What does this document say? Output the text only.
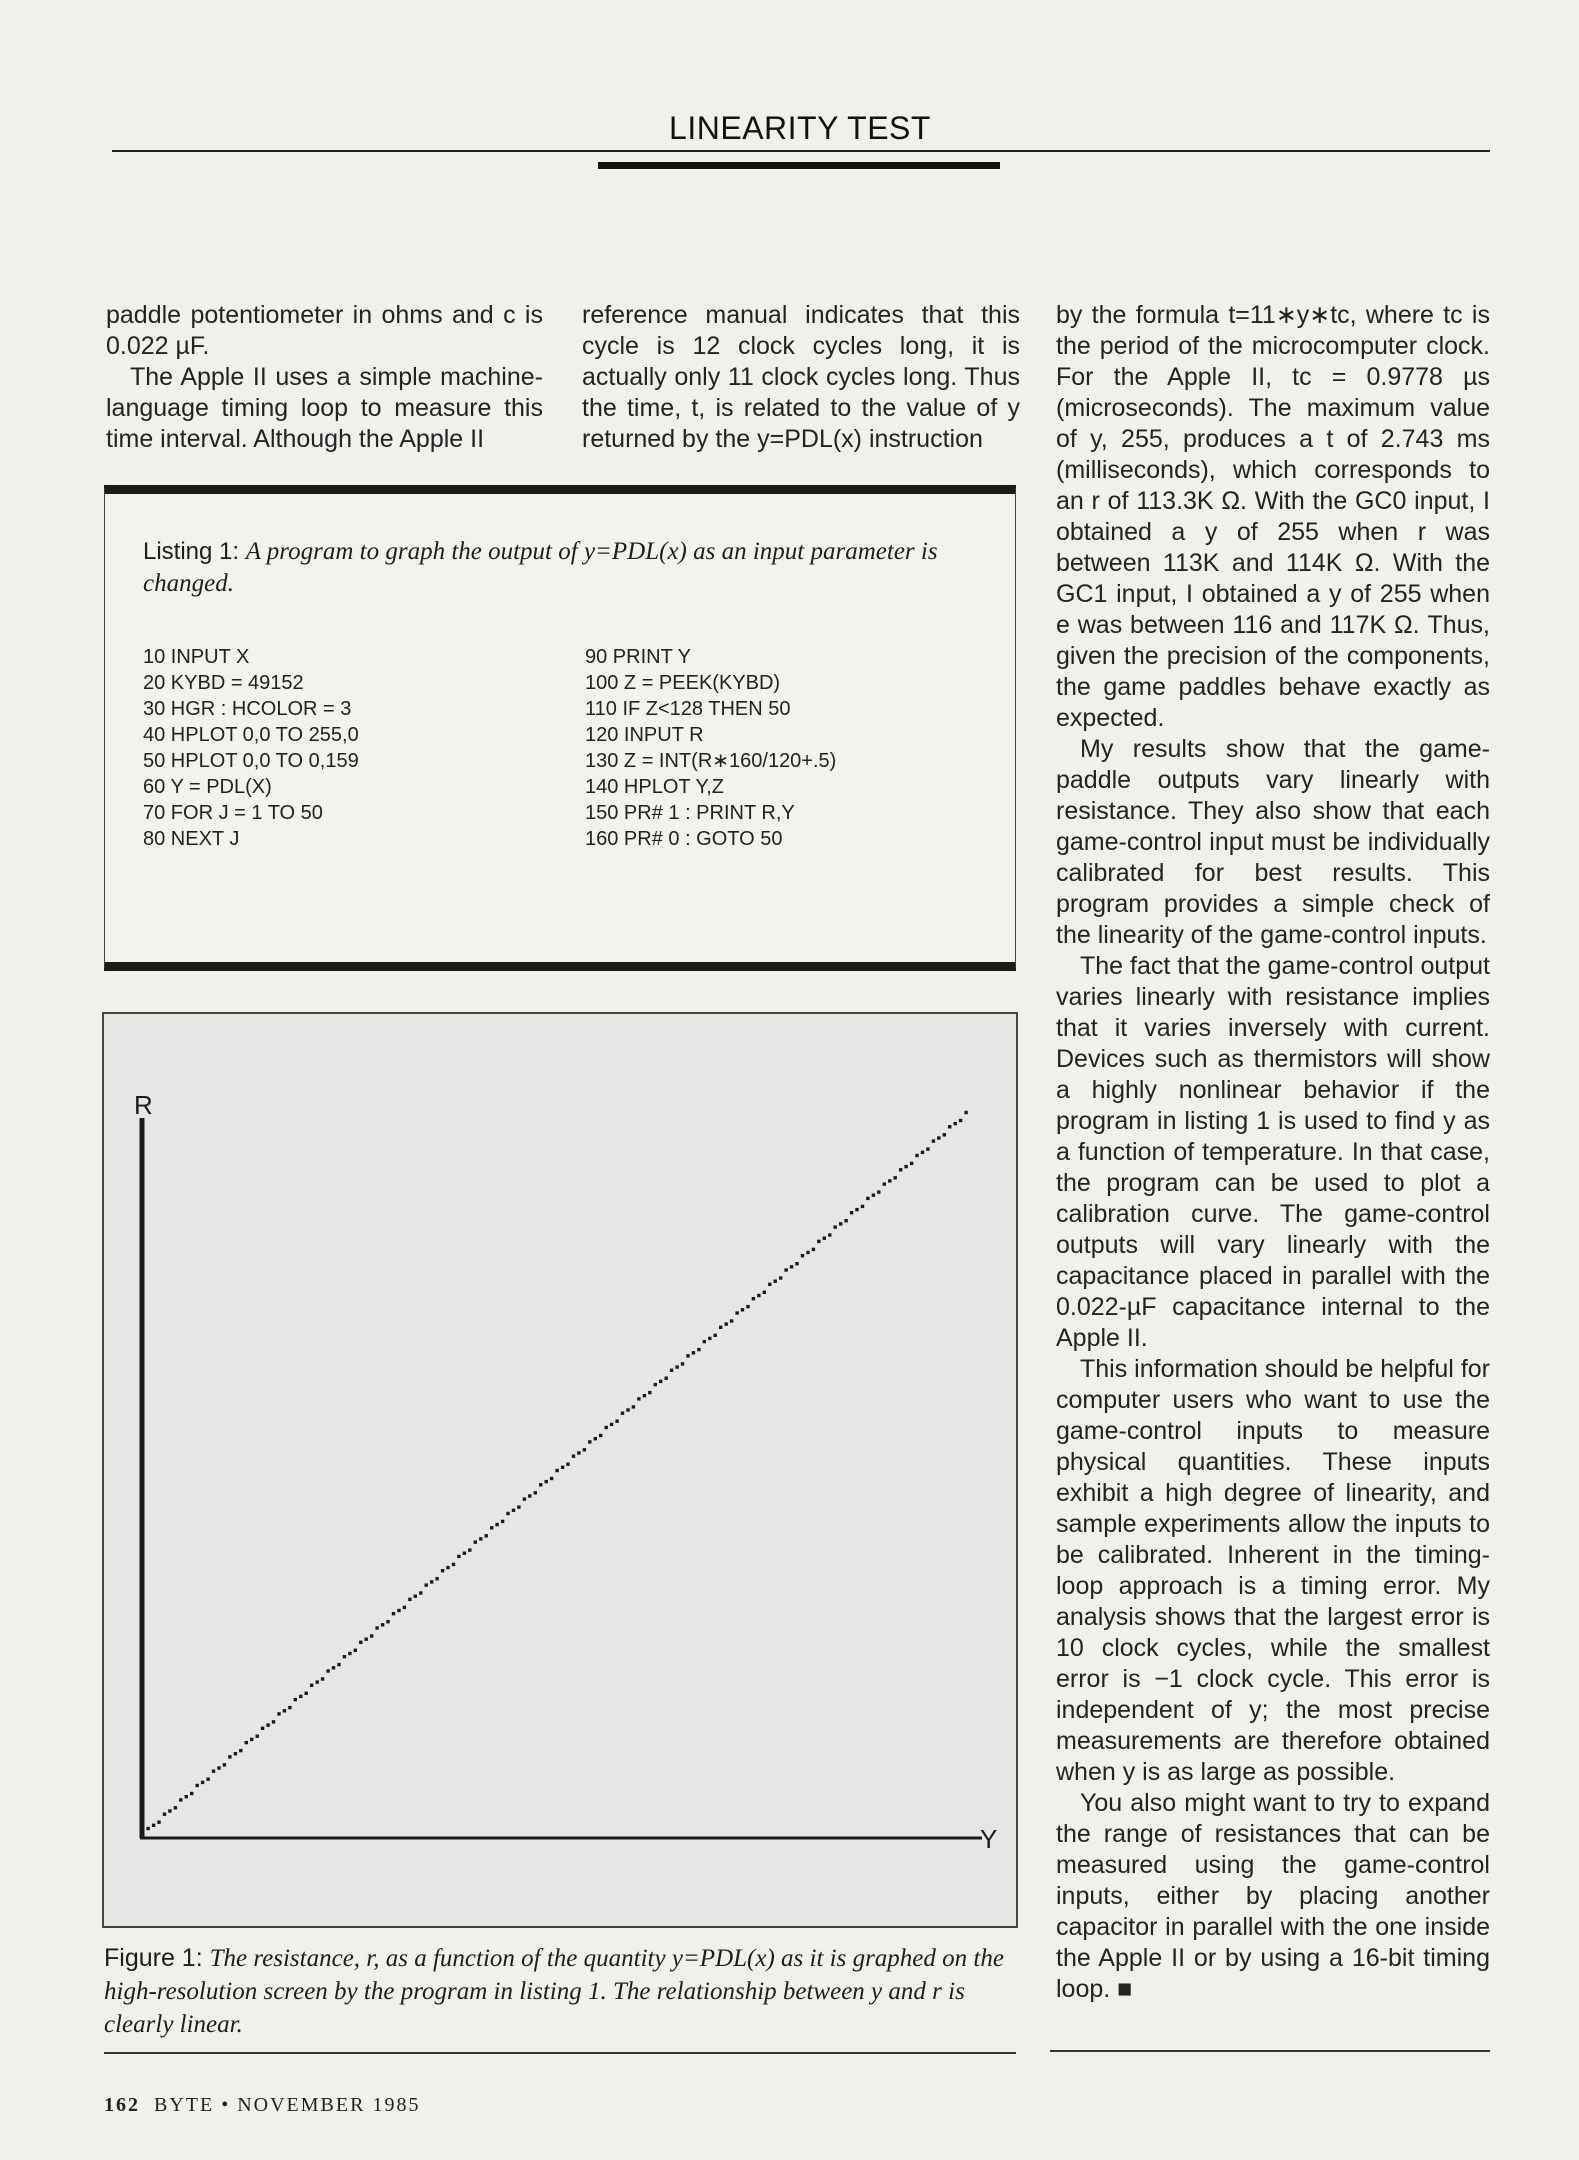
LINEARITY TEST

paddle potentiometer in ohms and c is 0.022 µF.

The Apple II uses a simple machine-language timing loop to measure this time interval. Although the Apple II

reference manual indicates that this cycle is 12 clock cycles long, it is actually only 11 clock cycles long. Thus the time, t, is related to the value of y returned by the y=PDL(x) instruction

by the formula t=11∗y∗tc, where tc is the period of the microcomputer clock. For the Apple II, tc = 0.9778 µs (microseconds). The maximum value of y, 255, produces a t of 2.743 ms (milliseconds), which corresponds to an r of 113.3K Ω. With the GC0 input, I obtained a y of 255 when r was between 113K and 114K Ω. With the GC1 input, I obtained a y of 255 when e was between 116 and 117K Ω. Thus, given the precision of the components, the game paddles behave exactly as expected.

My results show that the game-paddle outputs vary linearly with resistance. They also show that each game-control input must be individually calibrated for best results. This program provides a simple check of the linearity of the game-control inputs.

The fact that the game-control output varies linearly with resistance implies that it varies inversely with current. Devices such as thermistors will show a highly nonlinear behavior if the program in listing 1 is used to find y as a function of temperature. In that case, the program can be used to plot a calibration curve. The game-control outputs will vary linearly with the capacitance placed in parallel with the 0.022-µF capacitance internal to the Apple II.

This information should be helpful for computer users who want to use the game-control inputs to measure physical quantities. These inputs exhibit a high degree of linearity, and sample experiments allow the inputs to be calibrated. Inherent in the timing-loop approach is a timing error. My analysis shows that the largest error is 10 clock cycles, while the smallest error is −1 clock cycle. This error is independent of y; the most precise measurements are therefore obtained when y is as large as possible.

You also might want to try to expand the range of resistances that can be measured using the game-control inputs, either by placing another capacitor in parallel with the one inside the Apple II or by using a 16-bit timing loop. ■

Listing 1: A program to graph the output of y=PDL(x) as an input parameter is changed.
10 INPUT X
20 KYBD = 49152
30 HGR : HCOLOR = 3
40 HPLOT 0,0 TO 255,0
50 HPLOT 0,0 TO 0,159
60 Y = PDL(X)
70 FOR J = 1 TO 50
80 NEXT J
90 PRINT Y
100 Z = PEEK(KYBD)
110 IF Z<128 THEN 50
120 INPUT R
130 Z = INT(R∗160/120+.5)
140 HPLOT Y,Z
150 PR# 1 : PRINT R,Y
160 PR# 0 : GOTO 50
R
Y
Figure 1: The resistance, r, as a function of the quantity y=PDL(x) as it is graphed on the high-resolution screen by the program in listing 1. The relationship between y and r is clearly linear.
162 BYTE • NOVEMBER 1985
